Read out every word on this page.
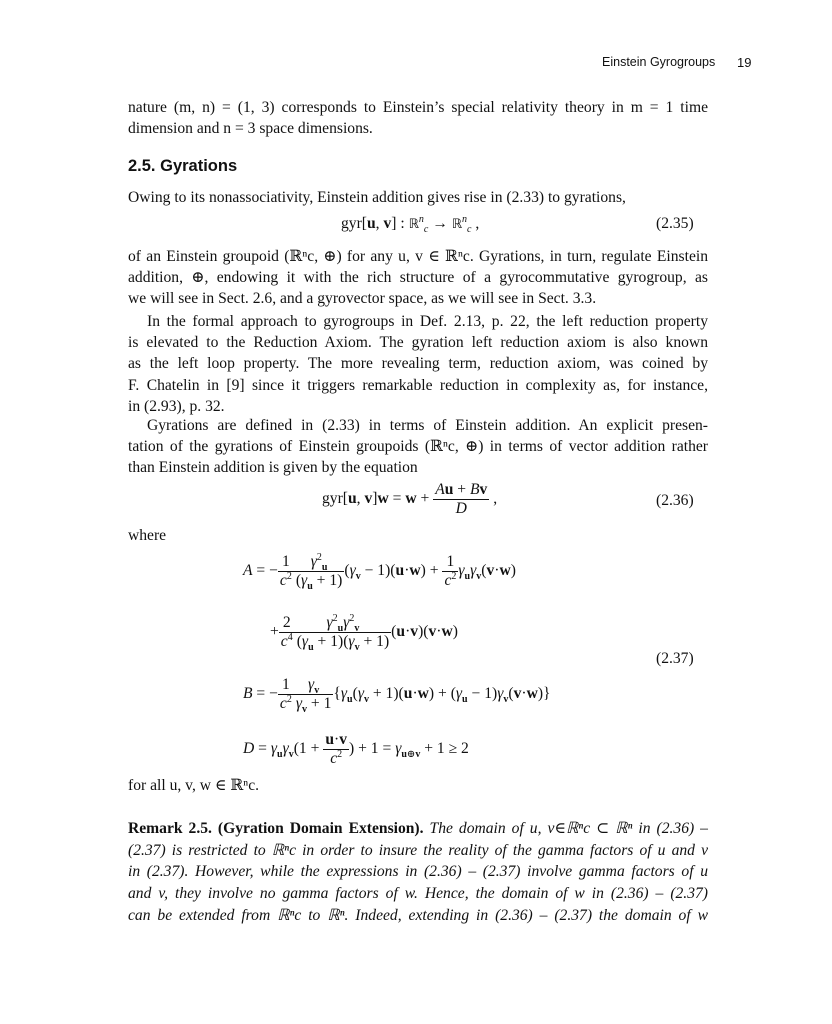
Einstein Gyrogroups 19
nature (m, n) = (1, 3) corresponds to Einstein’s special relativity theory in m = 1 time
dimension and n = 3 space dimensions.
2.5. Gyrations
Owing to its nonassociativity, Einstein addition gives rise in (2.33) to gyrations,
gyr[u, v] : ℝ$^n_c$ → ℝ$^n_c$ ,	(2.35)
of an Einstein groupoid (ℝⁿc, ⊕) for any u, v ∈ ℝⁿc. Gyrations, in turn, regulate Einstein
addition, ⊕, endowing it with the rich structure of a gyrocommutative gyrogroup, as
we will see in Sect. 2.6, and a gyrovector space, as we will see in Sect. 3.3.
In the formal approach to gyrogroups in Def. 2.13, p. 22, the left reduction property
is elevated to the Reduction Axiom. The gyration left reduction axiom is also known
as the left loop property. The more revealing term, reduction axiom, was coined by
F. Chatelin in [9] since it triggers remarkable reduction in complexity as, for instance,
in (2.93), p. 32.
Gyrations are defined in (2.33) in terms of Einstein addition. An explicit presen-
tation of the gyrations of Einstein groupoids (ℝⁿc, ⊕) in terms of vector addition rather
than Einstein addition is given by the equation
gyr[u, $v]w = w + \frac{Au + Bv}{D}$ ,	(2.36)
where
A = − $\frac{1}{c^2} \frac{\gamma^2_u}{(\gamma_u + 1)} (\gamma_v - 1)(u\cdot w) + \frac{1}{c^2} \gamma_u\gamma_v(v\cdot w)$
+ $\frac{2}{c^4} \frac{\gamma^2_u\gamma^2_v}{(\gamma_u + 1)(\gamma_v + 1)} (u\cdot v)(v\cdot w)$
(2.37)
B = − $\frac{1}{c^2} \frac{\gamma_v}{\gamma_v + 1} \{\gamma_u(\gamma_v + 1)(u\cdot w) + (\gamma_u - 1)\gamma_v(v\cdot w)\}$
$D = \gamma_u\gamma_v(1 + \frac{u\cdot v}{c^2}$ ) + $1 = \gamma_{u\oplus v} + 1 \ge 2$
for all u, v, w ∈ ℝⁿc.
Remark 2.5. (Gyration Domain Extension). The domain of u, v∈ℝⁿc ⊂ ℝⁿ in (2.36) –
(2.37) is restricted to ℝⁿc in order to insure the reality of the gamma factors of u and v
in (2.37). However, while the expressions in (2.36) – (2.37) involve gamma factors of u
and v, they involve no gamma factors of w. Hence, the domain of w in (2.36) – (2.37)
can be extended from ℝⁿc to ℝⁿ. Indeed, extending in (2.36) – (2.37) the domain of w
